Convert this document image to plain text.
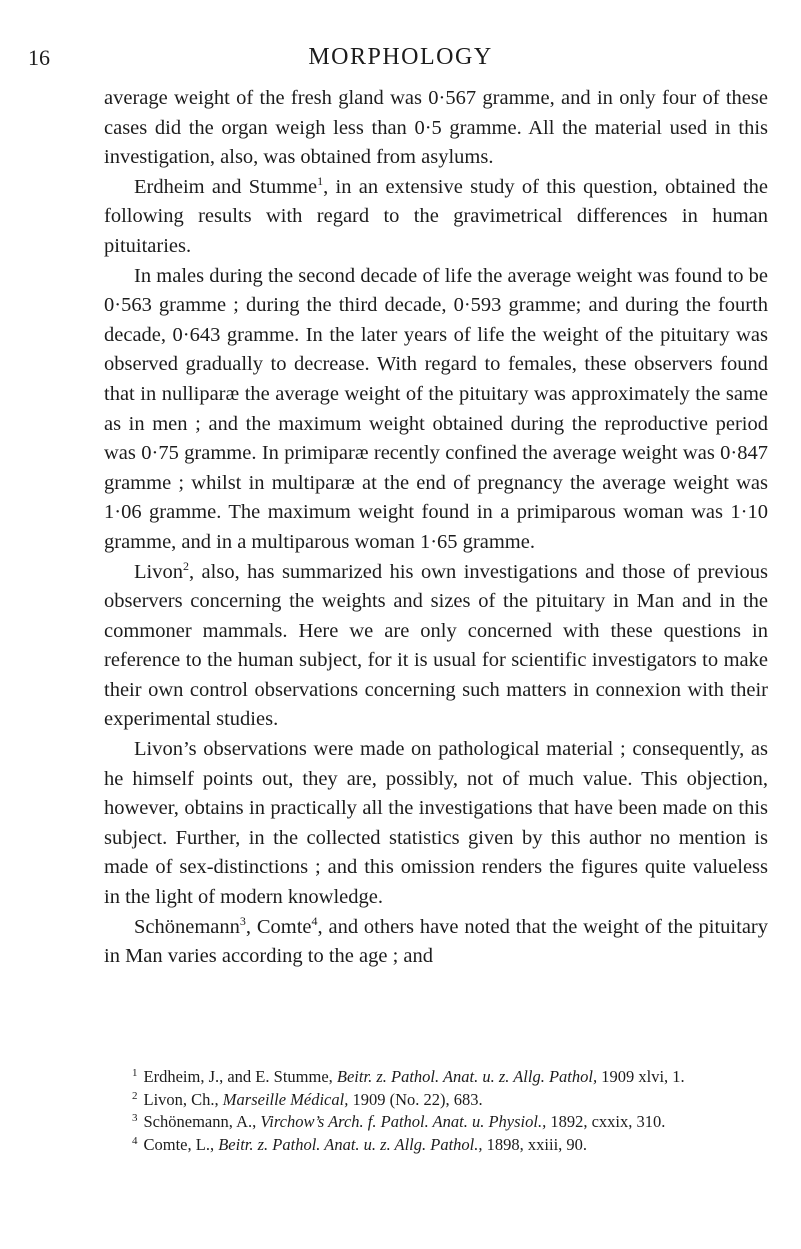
16	MORPHOLOGY

average weight of the fresh gland was 0·567 gramme, and in only four of these cases did the organ weigh less than 0·5 gramme. All the material used in this investigation, also, was obtained from asylums.

Erdheim and Stumme$^1$, in an extensive study of this question, obtained the following results with regard to the gravimetrical differences in human pituitaries.

In males during the second decade of life the average weight was found to be 0·563 gramme ; during the third decade, 0·593 gramme; and during the fourth decade, 0·643 gramme. In the later years of life the weight of the pituitary was observed gradually to decrease. With regard to females, these observers found that in nulliparæ the average weight of the pituitary was approximately the same as in men ; and the maximum weight obtained during the reproductive period was 0·75 gramme. In primiparæ recently confined the average weight was 0·847 gramme ; whilst in multiparæ at the end of pregnancy the average weight was 1·06 gramme. The maximum weight found in a primiparous woman was 1·10 gramme, and in a multiparous woman 1·65 gramme.

Livon$^2$, also, has summarized his own investigations and those of previous observers concerning the weights and sizes of the pituitary in Man and in the commoner mammals. Here we are only concerned with these questions in reference to the human subject, for it is usual for scientific investigators to make their own control observations concerning such matters in connexion with their experimental studies.

Livon’s observations were made on pathological material ; consequently, as he himself points out, they are, possibly, not of much value. This objection, however, obtains in practically all the investigations that have been made on this subject. Further, in the collected statistics given by this author no mention is made of sex-distinctions ; and this omission renders the figures quite valueless in the light of modern knowledge.

Schönemann$^3$, Comte$^4$, and others have noted that the weight of the pituitary in Man varies according to the age ; and

$^1$ Erdheim, J., and E. Stumme, Beitr. z. Pathol. Anat. u. z. Allg. Pathol, 1909 xlvi, 1.

$^2$ Livon, Ch., Marseille Médical, 1909 (No. 22), 683.

$^3$ Schönemann, A., Virchow’s Arch. f. Pathol. Anat. u. Physiol., 1892, cxxix, 310.

$^4$ Comte, L., Beitr. z. Pathol. Anat. u. z. Allg. Pathol., 1898, xxiii, 90.
